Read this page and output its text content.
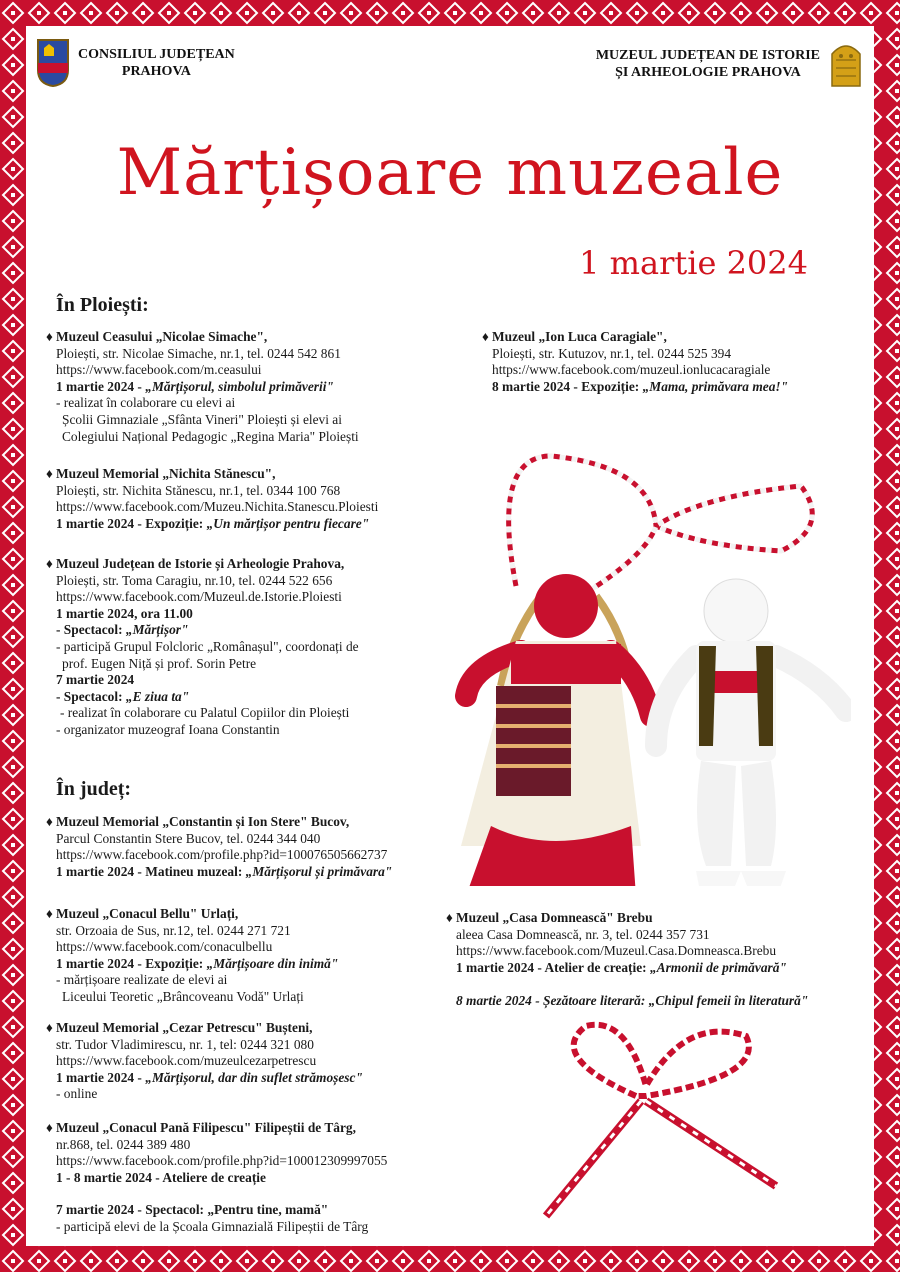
CONSILIUL JUDEȚEAN
PRAHOVA
MUZEUL JUDEȚEAN DE ISTORIE
ȘI ARHEOLOGIE PRAHOVA
Mărțișoare muzeale
1 martie 2024
În Ploiești:
♦ Muzeul Ceasului „Nicolae Simache",
Ploiești, str. Nicolae Simache, nr.1, tel. 0244 542 861
https://www.facebook.com/m.ceasului
1 martie 2024 - „Mărțișorul, simbolul primăverii"
- realizat în colaborare cu elevi ai
Școlii Gimnaziale „Sfânta Vineri" Ploiești și elevi ai
Colegiului Național Pedagogic „Regina Maria" Ploiești
♦ Muzeul „Ion Luca Caragiale",
Ploiești, str. Kutuzov, nr.1, tel. 0244 525 394
https://www.facebook.com/muzeul.ionlucacaragiale
8 martie 2024 - Expoziție: „Mama, primăvara mea!"
♦ Muzeul Memorial „Nichita Stănescu",
Ploiești, str. Nichita Stănescu, nr.1, tel. 0344 100 768
https://www.facebook.com/Muzeu.Nichita.Stanescu.Ploiesti
1 martie 2024 - Expoziție: „Un mărțișor pentru fiecare"
♦ Muzeul Județean de Istorie și Arheologie Prahova,
Ploiești, str. Toma Caragiu, nr.10, tel. 0244 522 656
https://www.facebook.com/Muzeul.de.Istorie.Ploiesti
1 martie 2024, ora 11.00
- Spectacol: „Mărțișor"
- participă Grupul Folcloric „Românașul", coordonați de
prof. Eugen Niță și prof. Sorin Petre
7 martie 2024
- Spectacol: „E ziua ta"
- realizat în colaborare cu Palatul Copiilor din Ploiești
- organizator muzeograf Ioana Constantin
În județ:
♦ Muzeul Memorial „Constantin și Ion Stere" Bucov,
Parcul Constantin Stere Bucov, tel. 0244 344 040
https://www.facebook.com/profile.php?id=100076505662737
1 martie 2024 - Matineu muzeal: „Mărțișorul și primăvara"
♦ Muzeul „Conacul Bellu" Urlați,
str. Orzoaia de Sus, nr.12, tel. 0244 271 721
https://www.facebook.com/conaculbellu
1 martie 2024 - Expoziție: „Mărțișoare din inimă"
- mărțișoare realizate de elevi ai
Liceului Teoretic „Brâncoveanu Vodă" Urlați
♦ Muzeul „Casa Domnească" Brebu
aleea Casa Domnească, nr. 3, tel. 0244 357 731
https://www.facebook.com/Muzeul.Casa.Domneasca.Brebu
1 martie 2024 - Atelier de creație: „Armonii de primăvară"
8 martie 2024 - Șezătoare literară: „Chipul femeii în literatură"
♦ Muzeul Memorial „Cezar Petrescu" Bușteni,
str. Tudor Vladimirescu, nr. 1, tel: 0244 321 080
https://www.facebook.com/muzeulcezarpetrescu
1 martie 2024 - „Mărțișorul, dar din suflet strămoșesc"
- online
♦ Muzeul „Conacul Pană Filipescu" Filipeștii de Târg,
nr.868, tel. 0244 389 480
https://www.facebook.com/profile.php?id=100012309997055
1 - 8 martie 2024 - Ateliere de creație
7 martie 2024 - Spectacol: „Pentru tine, mamă"
- participă elevi de la Școala Gimnazială Filipeștii de Târg
